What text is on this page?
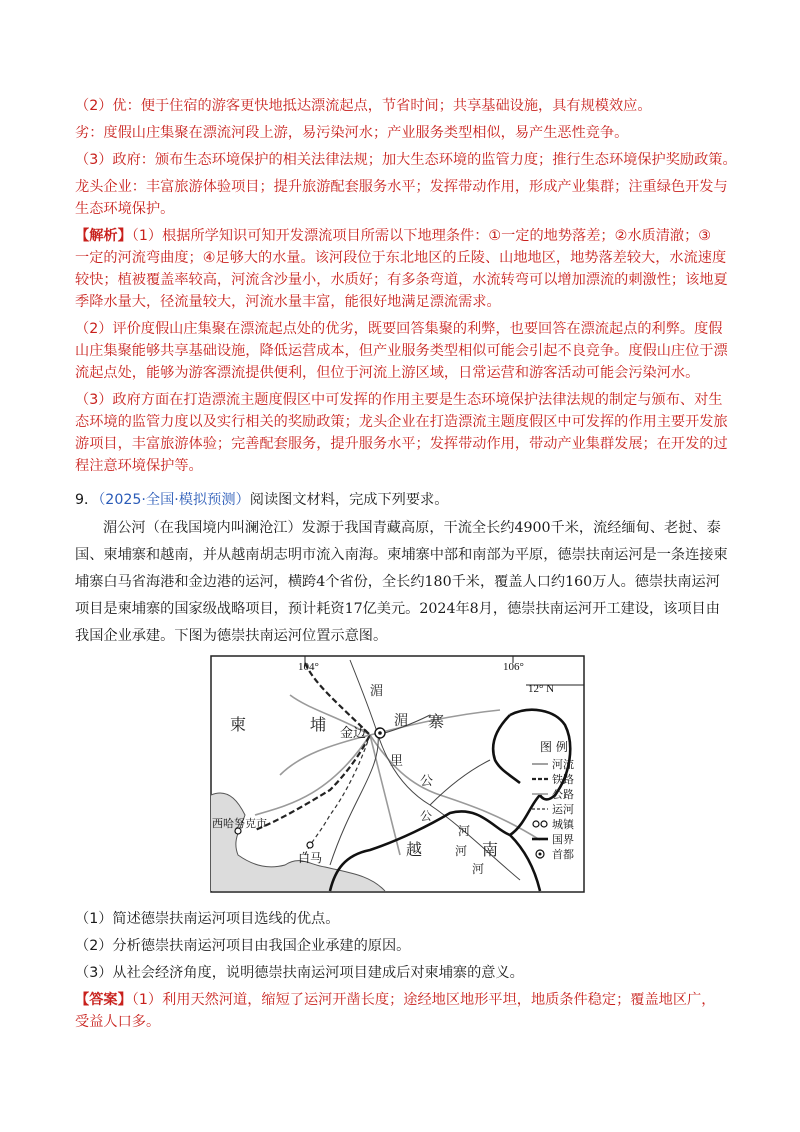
（2）优：便于住宿的游客更快地抵达漂流起点，节省时间；共享基础设施，具有规模效应。
劣：度假山庄集聚在漂流河段上游，易污染河水；产业服务类型相似，易产生恶性竞争。
（3）政府：颁布生态环境保护的相关法律法规；加大生态环境的监管力度；推行生态环境保护奖励政策。
龙头企业：丰富旅游体验项目；提升旅游配套服务水平；发挥带动作用，形成产业集群；注重绿色开发与
生态环境保护。
【解析】（1）根据所学知识可知开发漂流项目所需以下地理条件：①一定的地势落差；②水质清澈；③
一定的河流弯曲度；④足够大的水量。该河段位于东北地区的丘陵、山地地区，地势落差较大，水流速度
较快；植被覆盖率较高，河流含沙量小，水质好；有多条弯道，水流转弯可以增加漂流的刺激性；该地夏
季降水量大，径流量较大，河流水量丰富，能很好地满足漂流需求。
（2）评价度假山庄集聚在漂流起点处的优劣，既要回答集聚的利弊，也要回答在漂流起点的利弊。度假
山庄集聚能够共享基础设施，降低运营成本，但产业服务类型相似可能会引起不良竞争。度假山庄位于漂
流起点处，能够为游客漂流提供便利，但位于河流上游区域，日常运营和游客活动可能会污染河水。
（3）政府方面在打造漂流主题度假区中可发挥的作用主要是生态环境保护法律法规的制定与颁布、对生
态环境的监管力度以及实行相关的奖励政策；龙头企业在打造漂流主题度假区中可发挥的作用主要开发旅
游项目，丰富旅游体验；完善配套服务，提升服务水平；发挥带动作用，带动产业集群发展；在开发的过
程注意环境保护等。
9．（2025·全国·模拟预测）阅读图文材料，完成下列要求。
湄公河（在我国境内叫澜沧江）发源于我国青藏高原，干流全长约4900千米，流经缅甸、老挝、泰
国、柬埔寨和越南，并从越南胡志明市流入南海。柬埔寨中部和南部为平原，德崇扶南运河是一条连接柬
埔寨白马省海港和金边港的运河，横跨4个省份，全长约180千米，覆盖人口约160万人。德崇扶南运河
项目是柬埔寨的国家级战略项目，预计耗资17亿美元。2024年8月，德崇扶南运河开工建设，该项目由
我国企业承建。下图为德崇扶南运河位置示意图。
104°	106°
12° N
柬	埔	寨
越	南
湄
里
湄
公
公
河
河
河
金边
西哈努克市
白马
图 例
河流
铁路
公路
运河
城镇
国界
首都
（1）简述德崇扶南运河项目选线的优点。
（2）分析德崇扶南运河项目由我国企业承建的原因。
（3）从社会经济角度，说明德崇扶南运河项目建成后对柬埔寨的意义。
【答案】（1）利用天然河道，缩短了运河开凿长度；途经地区地形平坦，地质条件稳定；覆盖地区广，
受益人口多。
